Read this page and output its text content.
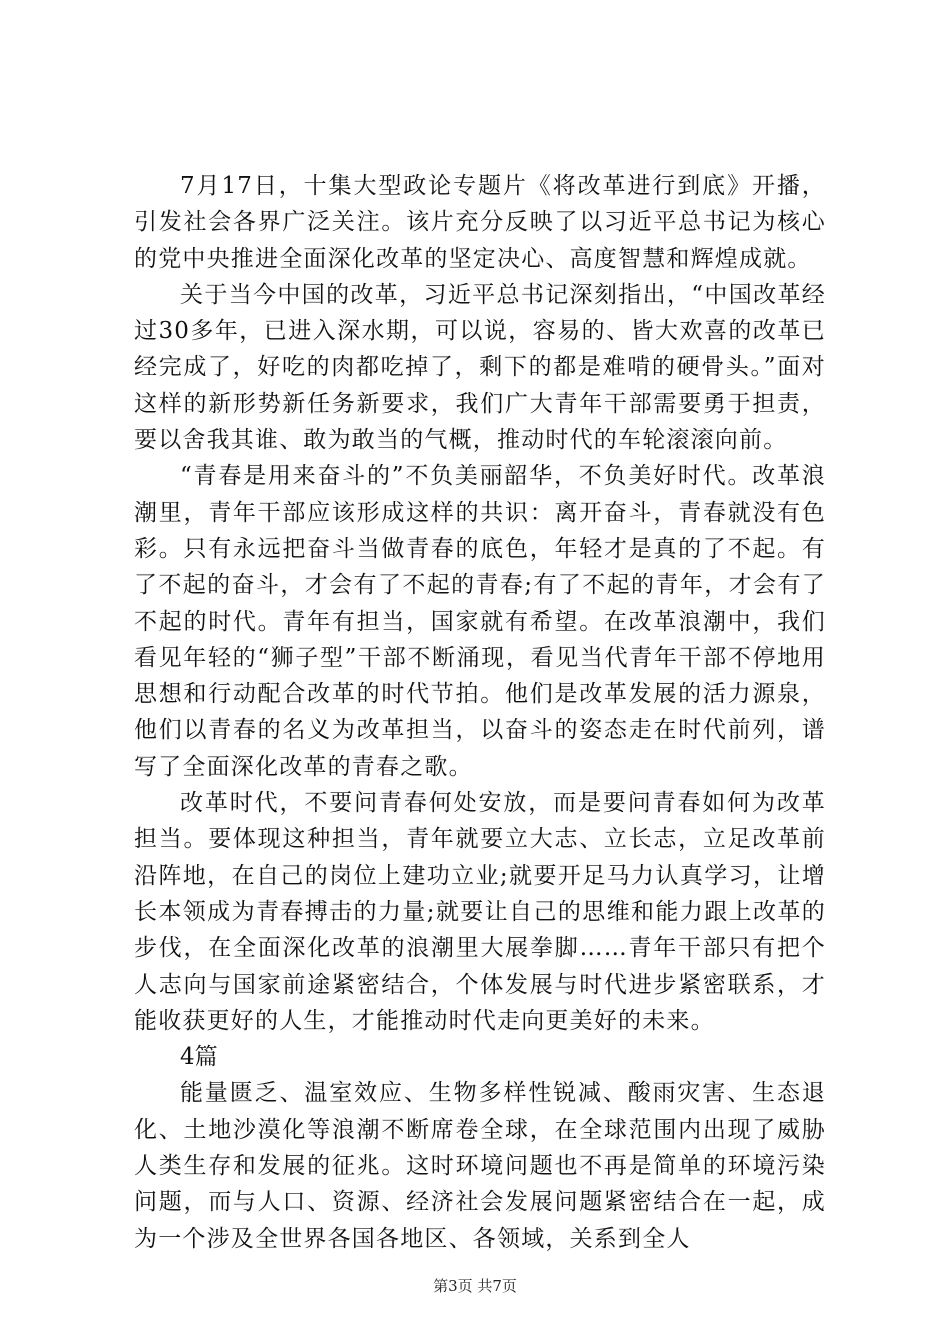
7月17日，十集大型政论专题片《将改革进行到底》开播，引发社会各界广泛关注。该片充分反映了以习近平总书记为核心的党中央推进全面深化改革的坚定决心、高度智慧和辉煌成就。

关于当今中国的改革，习近平总书记深刻指出，“中国改革经过30多年，已进入深水期，可以说，容易的、皆大欢喜的改革已经完成了，好吃的肉都吃掉了，剩下的都是难啃的硬骨头。”面对这样的新形势新任务新要求，我们广大青年干部需要勇于担责，要以舍我其谁、敢为敢当的气概，推动时代的车轮滚滚向前。

“青春是用来奋斗的”不负美丽韶华，不负美好时代。改革浪潮里，青年干部应该形成这样的共识：离开奋斗，青春就没有色彩。只有永远把奋斗当做青春的底色，年轻才是真的了不起。有了不起的奋斗，才会有了不起的青春;有了不起的青年，才会有了不起的时代。青年有担当，国家就有希望。在改革浪潮中，我们看见年轻的“狮子型”干部不断涌现，看见当代青年干部不停地用思想和行动配合改革的时代节拍。他们是改革发展的活力源泉，他们以青春的名义为改革担当，以奋斗的姿态走在时代前列，谱写了全面深化改革的青春之歌。

改革时代，不要问青春何处安放，而是要问青春如何为改革担当。要体现这种担当，青年就要立大志、立长志，立足改革前沿阵地，在自己的岗位上建功立业;就要开足马力认真学习，让增长本领成为青春搏击的力量;就要让自己的思维和能力跟上改革的步伐，在全面深化改革的浪潮里大展拳脚……青年干部只有把个人志向与国家前途紧密结合，个体发展与时代进步紧密联系，才能收获更好的人生，才能推动时代走向更美好的未来。

4篇

能量匮乏、温室效应、生物多样性锐减、酸雨灾害、生态退化、土地沙漠化等浪潮不断席卷全球，在全球范围内出现了威胁人类生存和发展的征兆。这时环境问题也不再是简单的环境污染问题，而与人口、资源、经济社会发展问题紧密结合在一起，成为一个涉及全世界各国各地区、各领域，关系到全人

第3页 共7页
